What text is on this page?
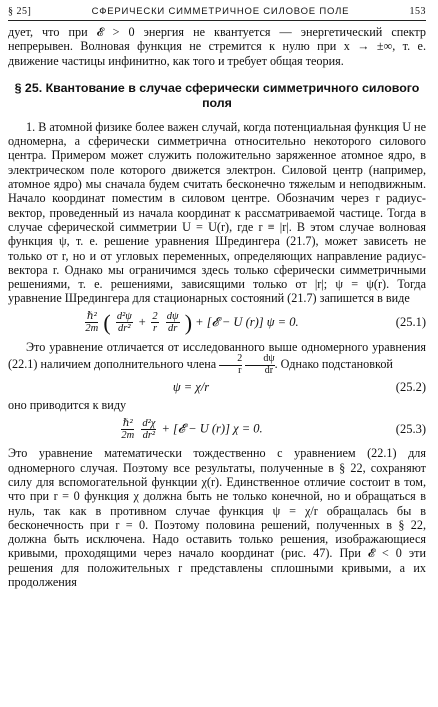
§ 25]	СФЕРИЧЕСКИ СИММЕТРИЧНОЕ СИЛОВОЕ ПОЛЕ	153

дует, что при 𝓔 > 0 энергия не квантуется — энергетический спектр непрерывен. Волновая функция не стремится к нулю при x → ±∞, т. е. движение частицы инфинитно, как того и требует общая теория.

§ 25. Квантование в случае сферически симметричного силового поля

1. В атомной физике более важен случай, когда потенциальная функция U не одномерна, а сферически симметрична относительно некоторого силового центра. Примером может служить положительно заряженное атомное ядро, в электрическом поле которого движется электрон. Силовой центр (например, атомное ядро) мы сначала будем считать бесконечно тяжелым и неподвижным. Начало координат поместим в силовом центре. Обозначим через r радиус-вектор, проведенный из начала координат к рассматриваемой частице. Тогда в случае сферической симметрии U = U(r), где r ≡ |r|. В этом случае волновая функция ψ, т. е. решение уравнения Шредингера (21.7), может зависеть не только от r, но и от угловых переменных, определяющих направление радиус-вектора r. Однако мы ограничимся здесь только сферически симметричными решениями, т. е. решениями, зависящими только от |r|; ψ = ψ(r). Тогда уравнение Шредингера для стационарных состояний (21.7) запишется в виде

$\frac{\text{ℏ²}}{2m}$ ( $\frac{\text{d²ψ}}{\text{dr²}} + \frac{2}{r}$
$\frac{d\psi}{dr}$ ) + [𝓔 − U (r)] ψ = 0.	(25.1)

Это уравнение отличается от исследованного выше одномерного уравнения (22.1) наличием дополнительного члена $\frac{2}{r}$
$\frac{d\psi}{dr}$ . Однако подстановкой

ψ = χ/r	(25.2)

оно приводится к виду

$\frac{\text{ℏ²}}{2m}$
$\frac{\text{d²χ}}{\text{dr²}}$ + [𝓔 − U (r)] χ = 0.	(25.3)

Это уравнение математически тождественно с уравнением (22.1) для одномерного случая. Поэтому все результаты, полученные в § 22, сохраняют силу для вспомогательной функции χ(r). Единственное отличие состоит в том, что при r = 0 функция χ должна быть не только конечной, но и обращаться в нуль, так как в противном случае функция ψ = χ/r обращалась бы в бесконечность при r = 0. Поэтому половина решений, полученных в § 22, должна быть исключена. Надо оставить только решения, изображающиеся кривыми, проходящими через начало координат (рис. 47). При 𝓔 < 0 эти решения для положительных r представлены сплошными кривыми, а их продолжения
